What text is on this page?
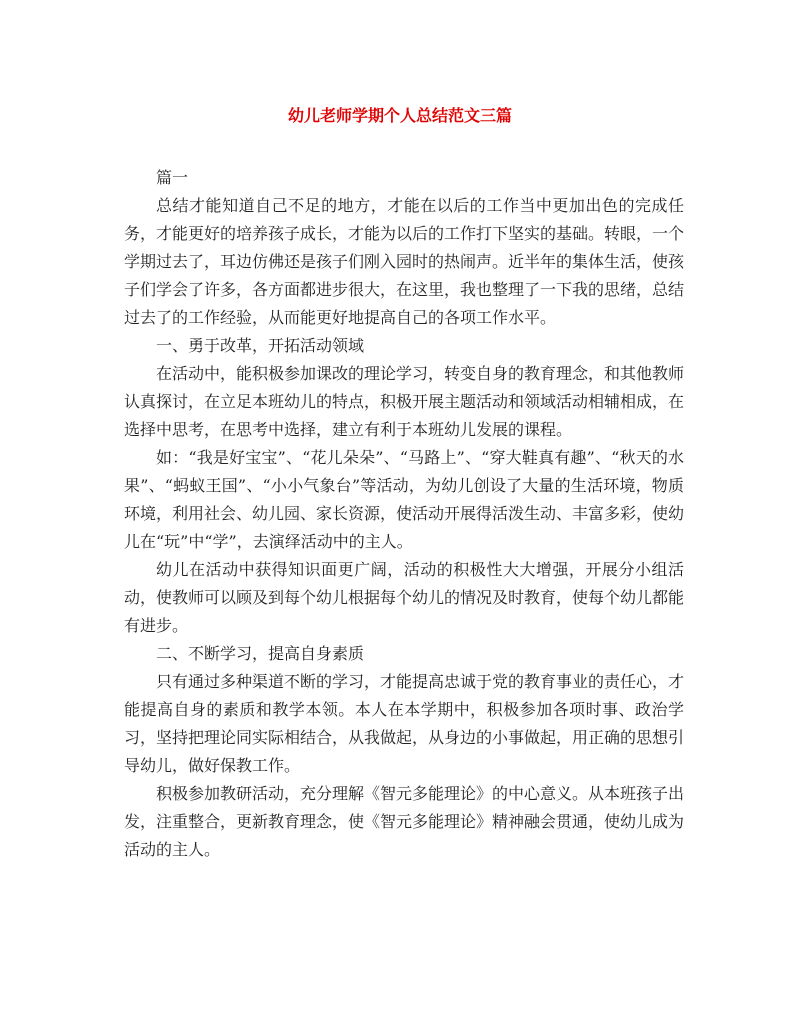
幼儿老师学期个人总结范文三篇

篇一

总结才能知道自己不足的地方，才能在以后的工作当中更加出色的完成任务，才能更好的培养孩子成长，才能为以后的工作打下坚实的基础。转眼，一个学期过去了，耳边仿佛还是孩子们刚入园时的热闹声。近半年的集体生活，使孩子们学会了许多，各方面都进步很大，在这里，我也整理了一下我的思绪，总结过去了的工作经验，从而能更好地提高自己的各项工作水平。

一、勇于改革，开拓活动领域

在活动中，能积极参加课改的理论学习，转变自身的教育理念，和其他教师认真探讨，在立足本班幼儿的特点，积极开展主题活动和领域活动相辅相成，在选择中思考，在思考中选择，建立有利于本班幼儿发展的课程。

如：“我是好宝宝”、“花儿朵朵”、“马路上”、“穿大鞋真有趣”、“秋天的水果”、“蚂蚁王国”、“小小气象台”等活动，为幼儿创设了大量的生活环境，物质环境，利用社会、幼儿园、家长资源，使活动开展得活泼生动、丰富多彩，使幼儿在“玩”中“学”，去演绎活动中的主人。

幼儿在活动中获得知识面更广阔，活动的积极性大大增强，开展分小组活动，使教师可以顾及到每个幼儿根据每个幼儿的情况及时教育，使每个幼儿都能有进步。

二、不断学习，提高自身素质

只有通过多种渠道不断的学习，才能提高忠诚于党的教育事业的责任心，才能提高自身的素质和教学本领。本人在本学期中，积极参加各项时事、政治学习，坚持把理论同实际相结合，从我做起，从身边的小事做起，用正确的思想引导幼儿，做好保教工作。

积极参加教研活动，充分理解《智元多能理论》的中心意义。从本班孩子出发，注重整合，更新教育理念，使《智元多能理论》精神融会贯通，使幼儿成为活动的主人。
